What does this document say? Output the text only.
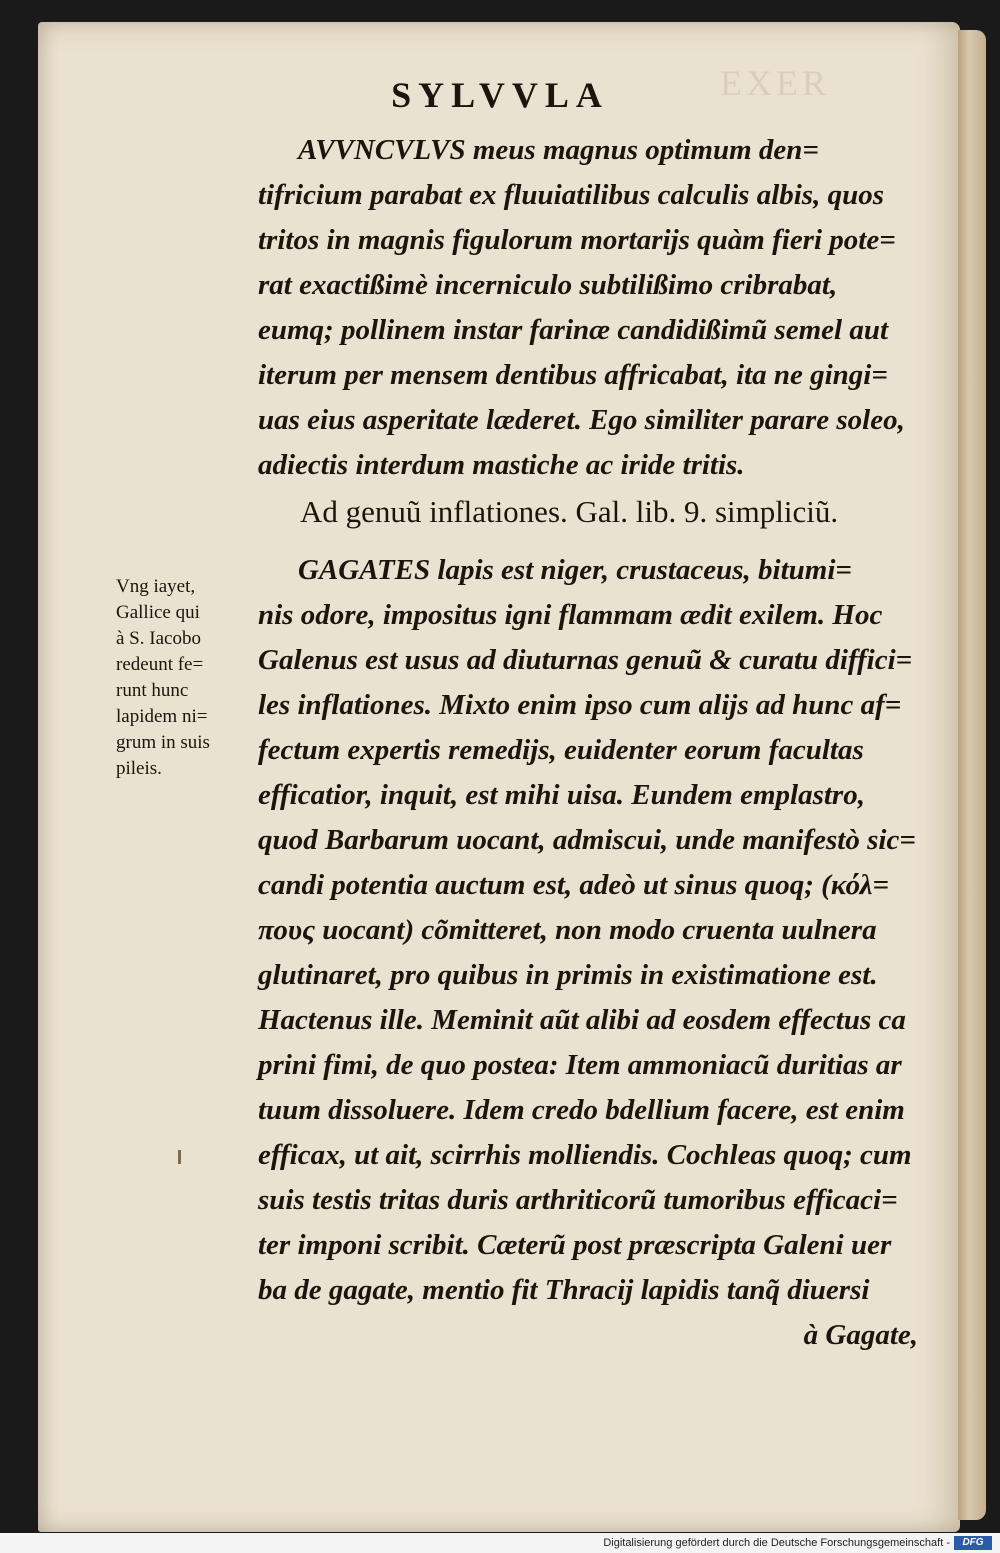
EXER
SYLVVLA
AVVNCVLVS meus magnus optimum den=
tifricium parabat ex fluuiatilibus calculis albis, quos
tritos in magnis figulorum mortarijs quàm fieri pote=
rat exactißimè incerniculo subtilißimo cribrabat,
eumq; pollinem instar farinæ candidißimũ semel aut
iterum per mensem dentibus affricabat, ita ne gingi=
uas eius asperitate læderet. Ego similiter parare soleo,
adiectis interdum mastiche ac iride tritis.
Ad genuũ inflationes. Gal. lib. 9. simpliciũ.
GAGATES lapis est niger, crustaceus, bitumi=
nis odore, impositus igni flammam ædit exilem. Hoc
Galenus est usus ad diuturnas genuũ & curatu diffici=
les inflationes. Mixto enim ipso cum alijs ad hunc af=
fectum expertis remedijs, euidenter eorum facultas
efficatior, inquit, est mihi uisa. Eundem emplastro,
quod Barbarum uocant, admiscui, unde manifestò sic=
candi potentia auctum est, adeò ut sinus quoq; (κόλ=
πους uocant) cõmitteret, non modo cruenta uulnera
glutinaret, pro quibus in primis in existimatione est.
Hactenus ille. Meminit aũt alibi ad eosdem effectus ca
prini fimi, de quo postea: Item ammoniacũ duritias ar
tuum dissoluere. Idem credo bdellium facere, est enim
efficax, ut ait, scirrhis molliendis. Cochleas quoq; cum
suis testis tritas duris arthriticorũ tumoribus efficaci=
ter imponi scribit. Cæterũ post præscripta Galeni uer
ba de gagate, mentio fit Thracij lapidis tanq̃ diuersi
à Gagate,
Vng iayet,
Gallice qui
à S. Iacobo
redeunt fe=
runt hunc
lapidem ni=
grum in suis
pileis.
Digitalisierung gefördert durch die Deutsche Forschungsgemeinschaft -	DFG
